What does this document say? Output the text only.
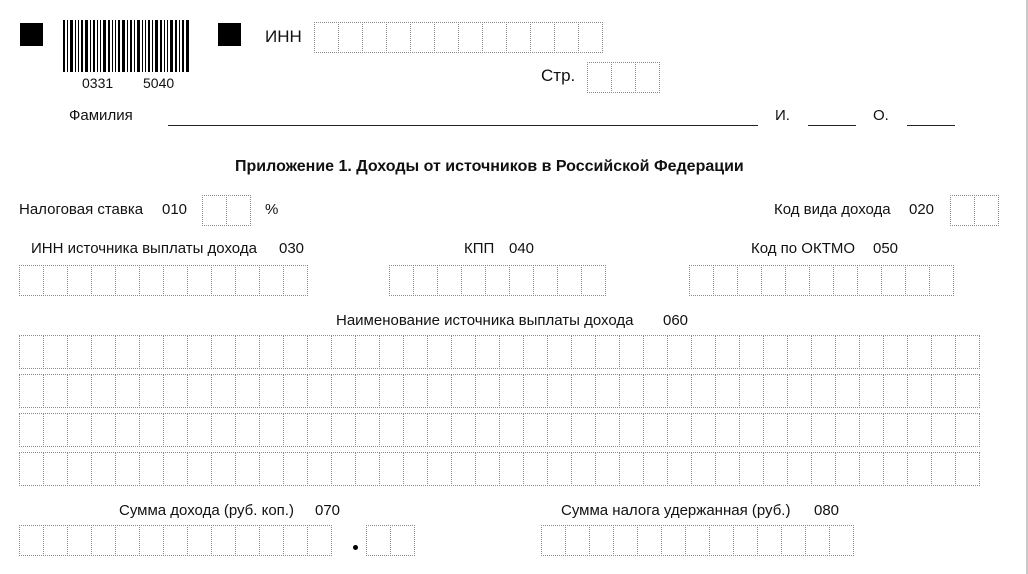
0331 5040
ИНН
Стр.
Фамилия	И.	О.
Приложение 1. Доходы от источников в Российской Федерации
Налоговая ставка 010	%	Код вида дохода 020
ИНН источника выплаты дохода 030	КПП 040	Код по ОКТМО 050
Наименование источника выплаты дохода 060
Сумма дохода (руб. коп.) 070	Сумма налога удержанная (руб.) 080
